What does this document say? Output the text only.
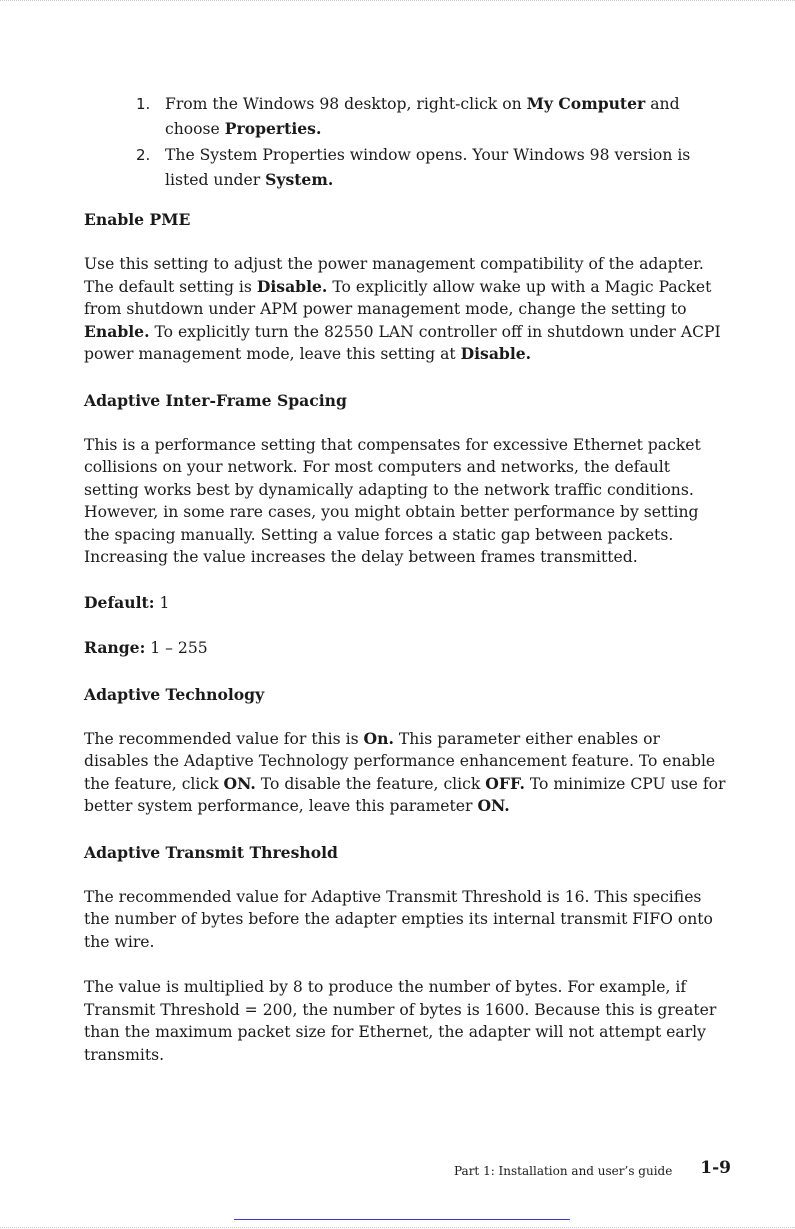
1. From the Windows 98 desktop, right-click on My Computer and choose Properties.
2. The System Properties window opens. Your Windows 98 version is listed under System.
Enable PME

Use this setting to adjust the power management compatibility of the adapter. The default setting is Disable. To explicitly allow wake up with a Magic Packet from shutdown under APM power management mode, change the setting to Enable. To explicitly turn the 82550 LAN controller off in shutdown under ACPI power management mode, leave this setting at Disable.

Adaptive Inter-Frame Spacing

This is a performance setting that compensates for excessive Ethernet packet collisions on your network. For most computers and networks, the default setting works best by dynamically adapting to the network traffic conditions. However, in some rare cases, you might obtain better performance by setting the spacing manually. Setting a value forces a static gap between packets. Increasing the value increases the delay between frames transmitted.

Default: 1

Range: 1 – 255

Adaptive Technology

The recommended value for this is On. This parameter either enables or disables the Adaptive Technology performance enhancement feature. To enable the feature, click ON. To disable the feature, click OFF. To minimize CPU use for better system performance, leave this parameter ON.

Adaptive Transmit Threshold

The recommended value for Adaptive Transmit Threshold is 16. This specifies the number of bytes before the adapter empties its internal transmit FIFO onto the wire.

The value is multiplied by 8 to produce the number of bytes. For example, if Transmit Threshold = 200, the number of bytes is 1600. Because this is greater than the maximum packet size for Ethernet, the adapter will not attempt early transmits.

Part 1: Installation and user’s guide 1-9
